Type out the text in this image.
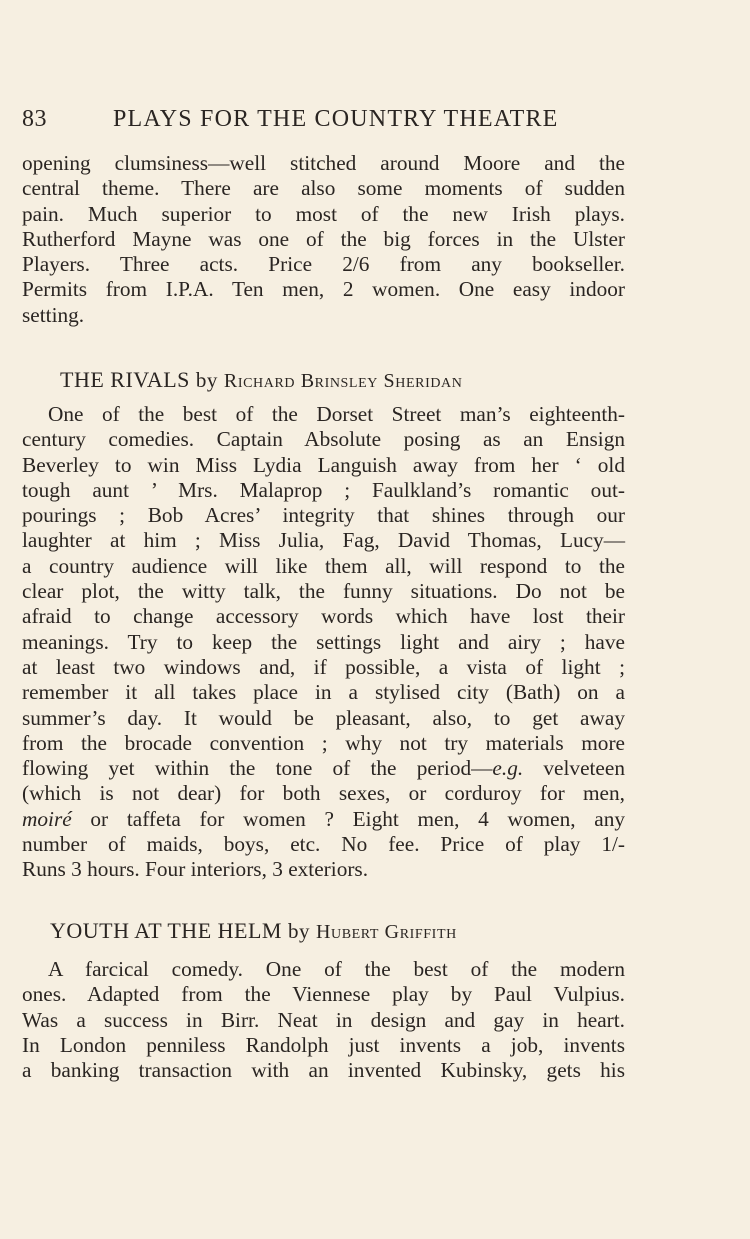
83	PLAYS FOR THE COUNTRY THEATRE

opening clumsiness—well stitched around Moore and the
central theme. There are also some moments of sudden
pain. Much superior to most of the new Irish plays.
Rutherford Mayne was one of the big forces in the Ulster
Players. Three acts. Price 2/6 from any bookseller.
Permits from I.P.A. Ten men, 2 women. One easy indoor
setting.

THE RIVALS by Richard Brinsley Sheridan

One of the best of the Dorset Street man’s eighteenth-
century comedies. Captain Absolute posing as an Ensign
Beverley to win Miss Lydia Languish away from her ‘ old
tough aunt ’ Mrs. Malaprop ; Faulkland’s romantic out-
pourings ; Bob Acres’ integrity that shines through our
laughter at him ; Miss Julia, Fag, David Thomas, Lucy—
a country audience will like them all, will respond to the
clear plot, the witty talk, the funny situations. Do not be
afraid to change accessory words which have lost their
meanings. Try to keep the settings light and airy ; have
at least two windows and, if possible, a vista of light ;
remember it all takes place in a stylised city (Bath) on a
summer’s day. It would be pleasant, also, to get away
from the brocade convention ; why not try materials more
flowing yet within the tone of the period—e.g. velveteen
(which is not dear) for both sexes, or corduroy for men,
moiré or taffeta for women ? Eight men, 4 women, any
number of maids, boys, etc. No fee. Price of play 1/-
Runs 3 hours. Four interiors, 3 exteriors.

YOUTH AT THE HELM by Hubert Griffith

A farcical comedy. One of the best of the modern
ones. Adapted from the Viennese play by Paul Vulpius.
Was a success in Birr. Neat in design and gay in heart.
In London penniless Randolph just invents a job, invents
a banking transaction with an invented Kubinsky, gets his
